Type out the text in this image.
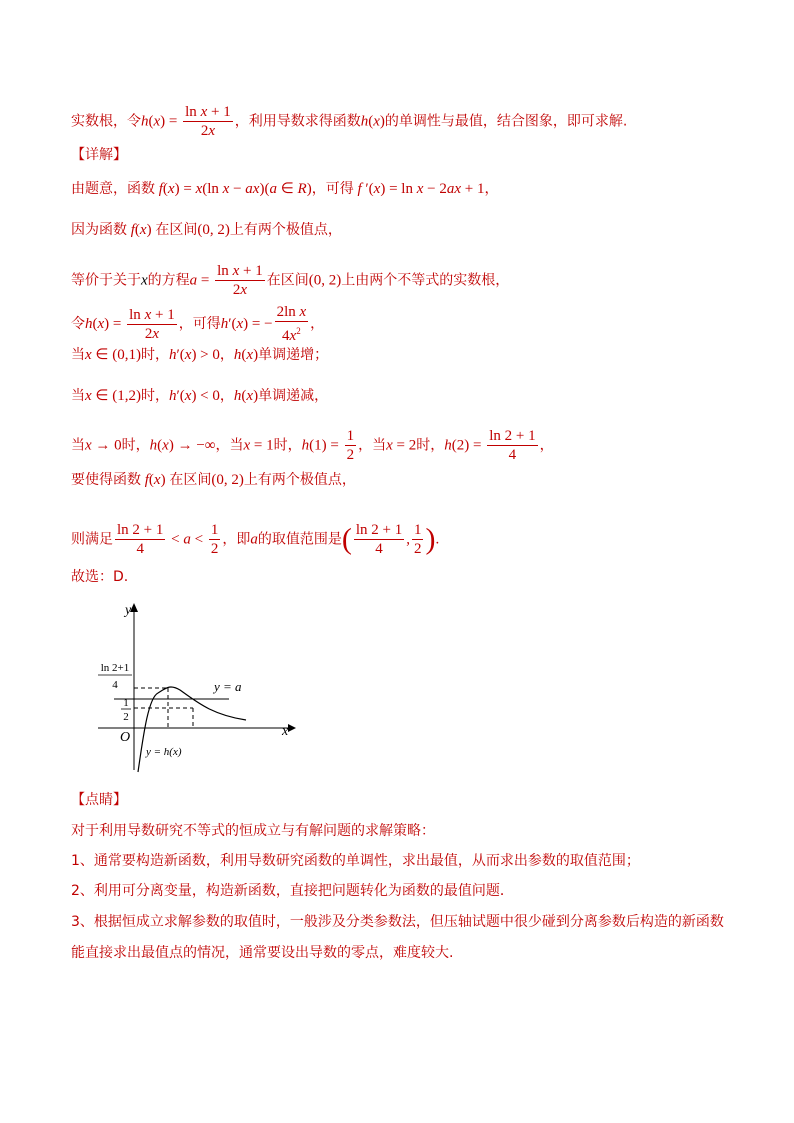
实数根，令$h(x) = \frac{\text{ln x + 1}}{2x}$ ，利用导数求得函数h(x)的单调性与最值，结合图象，即可求解.
【详解】
由题意，函数 f(x) = x(ln x − ax)(a ∈ R)，可得 f ′(x) = ln x − 2ax + 1，
因为函数 f(x) 在区间(0, 2)上有两个极值点，
等价于关于x的方程$a = \frac{\text{ln x + 1}}{2x}$ 在区间(0, 2)上由两个不等式的实数根，
令$h(x) = \frac{\text{ln x + 1}}{2x}$ ，可得h′(x) = − $\frac{\text{2ln x}}{4x^2}$ ，
当x ∈ (0,1)时，h′(x) > 0，h(x)单调递增；
当x ∈ (1,2)时，h′(x) < 0，h(x)单调递减，
当x → 0时，h(x) → −∞，当x = 1时，$h(1) = \frac{1}{2}$ ，当x = 2时，$h(2) = \frac{\ln 2 + 1}{4}$ ，
要使得函数 f(x) 在区间(0, 2)上有两个极值点，
则满足 $\frac{\ln 2 + 1}{4} < a < \frac{1}{2}$ ，即a的取值范围是( $\frac{\ln 2 + 1}{4}$ , $\frac{1}{2}$ ).
故选：D.
y
x
O
y = a
ln 2+1
4
1
2
y = h(x)
【点睛】
对于利用导数研究不等式的恒成立与有解问题的求解策略：
1、通常要构造新函数，利用导数研究函数的单调性，求出最值，从而求出参数的取值范围；
2、利用可分离变量，构造新函数，直接把问题转化为函数的最值问题．
3、根据恒成立求解参数的取值时，一般涉及分类参数法，但压轴试题中很少碰到分离参数后构造的新函数
能直接求出最值点的情况，通常要设出导数的零点，难度较大.
